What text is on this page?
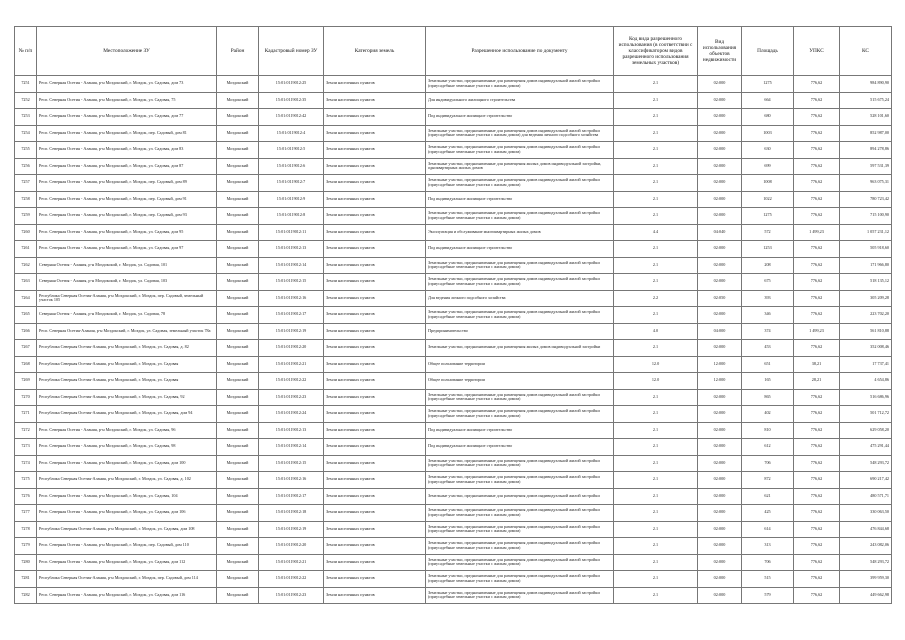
№ п/п	Местоположение ЗУ	Район	Кадастровый номер ЗУ	Категория земель	Разрешенное использование по документу	Код вида разрешенного использования (в соответствии с классификатором видов разрешенного использования земельных участков)	Вид использования объектов недвижимости	Площадь	УПКС	КС
7251	Респ. Северная Осетия - Алания, р-н Моздокский, г. Моздок, ул. Садовая, дом 73	Моздокский	15:01:0119012:25	Земли населенных пунктов	Земельные участки, предназначенные для размещения домов индивидуальной жилой застройки (приусадебные земельные участки с жилым домом)	2.1	02:000	1275	776,62	984 890,90
7252	Респ. Северная Осетия - Алания, р-н Моздокский, г. Моздок, ул. Садовая, 75	Моздокский	15:01:0119012:35	Земли населенных пунктов	Для индивидуального жилищного строительства	2.1	02:000	664	776,62	515 675,24
7253	Респ. Северная Осетия - Алания, р-н Моздокский, г. Моздок, ул. Садовая, дом 77	Моздокский	15:01:0119012:42	Земли населенных пунктов	Под индивидуальное жилищное строительство	2.1	02:000	680	776,62	528 101,60
7254	Респ. Северная Осетия - Алания, р-н Моздокский, г. Моздок, пер. Садовый, дом 81	Моздокский	15:01:0119012:4	Земли населенных пунктов	Земельные участки, предназначенные для размещения домов индивидуальной жилой застройки (приусадебные земельные участки с жилым домом) для ведения личного подсобного хозяйства	2.1	02:000	1003	776,62	852 987,00
7255	Респ. Северная Осетия - Алания, р-н Моздокский, г. Моздок, ул. Садовая, дом 83	Моздокский	15:01:0119012:5	Земли населенных пунктов	Земельные участки, предназначенные для размещения домов индивидуальной жилой застройки (приусадебные земельные участки с жилым домом)	2.1	02:000	630	776,62	894 278,86
7256	Респ. Северная Осетия - Алания, р-н Моздокский, г. Моздок, ул. Садовая, дом 87	Моздокский	15:01:0119012:6	Земли населенных пунктов	Земельные участки, предназначенные для размещения жилых домов индивидуальной застройки, одноквартирных жилых домов	2.1	02:000	699	776,62	597 531,39
7257	Респ. Северная Осетия - Алания, р-н Моздокский, г. Моздок, пер. Садовый, дом 89	Моздокский	15:01:0119012:7	Земли населенных пунктов	Земельные участки, предназначенные для размещения домов индивидуальной жилой застройки (приусадебные земельные участки с жилым домом)	2.1	02:000	1008	776,62	963 075,31
7258	Респ. Северная Осетия - Алания, р-н Моздокский, г. Моздок, пер. Садовый, дом 91	Моздокский	15:01:0119012:9	Земли населенных пунктов	Под индивидуальное жилищное строительство	2.1	02:000	1022	776,62	780 723,42
7259	Респ. Северная Осетия - Алания, р-н Моздокский, г. Моздок, пер. Садовый, дом 93	Моздокский	15:01:0119012:8	Земли населенных пунктов	Земельные участки, предназначенные для размещения домов индивидуальной жилой застройки (приусадебные земельные участки с жилым домом)	2.1	02:000	1275	776,62	715 100,90
7260	Респ. Северная Осетия - Алания, р-н Моздокский, г. Моздок, ул. Садовая, дом 95	Моздокский	15:01:0119012:11	Земли населенных пунктов	Эксплуатация и обслуживание многоквартирных жилых домов	4.4	04:040	572	1 499,23	1 057 231,12
7261	Респ. Северная Осетия - Алания, р-н Моздокский, г. Моздок, ул. Садовая, дом 97	Моздокский	15:01:0119012:13	Земли населенных пунктов	Под индивидуальное жилищное строительство	2.1	02:000	1253	776,62	505 918,60
7262	Северная Осетия - Алания, р-н Моздокский, г. Моздок, ул. Садовая, 101	Моздокский	15:01:0119012:14	Земли населенных пунктов	Земельные участки, предназначенные для размещения домов индивидуальной жилой застройки (приусадебные земельные участки с жилым домом)	2.1	02:000	208	776,62	171 966,80
7263	Северная Осетия - Алания, р-н Моздокский, г. Моздок, ул. Садовая, 103	Моздокский	15:01:0119012:15	Земли населенных пунктов	Земельные участки, предназначенные для размещения домов индивидуальной жилой застройки (приусадебные земельные участки с жилым домом)	2.1	02:000	675	776,62	518 135,12
7264	Республика Северная Осетия-Алания, р-н Моздокский, г. Моздок, пер. Садовый, земельный участок 105	Моздокский	15:01:0119012:16	Земли населенных пунктов	Для ведения личного подсобного хозяйства	2.2	02:050	393	776,62	305 209,28
7265	Северная Осетия - Алания, р-н Моздокский, г. Моздок, ул. Садовая, 78	Моздокский	15:01:0119012:17	Земли населенных пунктов	Земельные участки, предназначенные для размещения домов индивидуальной жилой застройки (приусадебные земельные участки с жилым домом)	2.1	02:000	346	776,62	223 702,20
7266	Респ. Северная Осетия-Алания, р-н Моздокский, г. Моздок, ул. Садовая, земельный участок 78а	Моздокский	15:01:0119012:19	Земли населенных пунктов	Предпринимательство	4.0	04:000	374	1 499,23	561 810,88
7267	Республика Северная Осетия-Алания, р-н Моздокский, г. Моздок, ул. Садовая, д. 82	Моздокский	15:01:0119012:20	Земли населенных пунктов	Земельные участки, предназначенные для размещения жилых домов индивидуальной застройки	2.1	02:000	453	776,62	352 008,46
7268	Республика Северная Осетия-Алания, р-н Моздокский, г. Моздок, ул. Садовая	Моздокский	15:01:0119012:21	Земли населенных пунктов	Общее пользование территории	12.0	12:000	651	38,21	17 737,41
7269	Республика Северная Осетия-Алания, р-н Моздокский, г. Моздок, ул. Садовая	Моздокский	15:01:0119012:22	Земли населенных пунктов	Общее пользование территории	12.0	12:000	165	28,21	4 654,86
7270	Республика Северная Осетия-Алания, р-н Моздокский, г. Моздок, ул. Садовая, 92	Моздокский	15:01:0119012:23	Земли населенных пунктов	Земельные участки, предназначенные для размещения домов индивидуальной жилой застройки (приусадебные земельные участки с жилым домом)	2.1	02:000	865	776,62	516 686,96
7271	Республика Северная Осетия-Алания, р-н Моздокский, г. Моздок, ул. Садовая, дом 94	Моздокский	15:01:0119012:24	Земли населенных пунктов	Земельные участки, предназначенные для размещения домов индивидуальной жилой застройки (приусадебные земельные участки с жилым домом)	2.1	02:000	402	776,62	501 712,72
7272	Респ. Северная Осетия - Алания, р-н Моздокский, г. Моздок, ул. Садовая, 96	Моздокский	15:01:0119012:13	Земли населенных пунктов	Под индивидуальное жилищное строительство	2.1	02:000	810	776,62	629 058,20
7273	Респ. Северная Осетия - Алания, р-н Моздокский, г. Моздок, ул. Садовая, 98	Моздокский	15:01:0119012:14	Земли населенных пунктов	Под индивидуальное жилищное строительство	2.1	02:000	612	776,62	475 291,44
7274	Респ. Северная Осетия - Алания, р-н Моздокский, г. Моздок, ул. Садовая, дом 100	Моздокский	15:01:0119012:15	Земли населенных пунктов	Земельные участки, предназначенные для размещения домов индивидуальной жилой застройки (приусадебные земельные участки с жилым домом)	2.1	02:000	706	776,62	548 293,72
7275	Республика Северная Осетия-Алания, р-н Моздокский, г. Моздок, ул. Садовая, д. 102	Моздокский	15:01:0119012:16	Земли населенных пунктов	Земельные участки, предназначенные для размещения домов индивидуальной жилой застройки (приусадебные земельные участки с жилым домом)	2.1	02:000	872	776,62	690 217,42
7276	Респ. Северная Осетия - Алания, р-н Моздокский, г. Моздок, ул. Садовая, 104	Моздокский	15:01:0119012:17	Земли населенных пунктов	Земельные участки, предназначенные для размещения домов индивидуальной жилой застройки	2.1	02:000	621	776,62	480 571,71
7277	Респ. Северная Осетия - Алания, р-н Моздокский, г. Моздок, ул. Садовая, дом 106	Моздокский	15:01:0119012:18	Земли населенных пунктов	Земельные участки, предназначенные для размещения домов индивидуальной жилой застройки (приусадебные земельные участки с жилым домом)	2.1	02:000	425	776,62	330 063,50
7278	Республика Северная Осетия-Алания, р-н Моздокский, г. Моздок, ул. Садовая, дом 108	Моздокский	15:01:0119012:19	Земли населенных пунктов	Земельные участки, предназначенные для размещения домов индивидуальной жилой застройки (приусадебные земельные участки с жилым домом)	2.1	02:000	614	776,62	476 844,68
7279	Респ. Северная Осетия - Алания, р-н Моздокский, г. Моздок, пер. Садовый, дом 110	Моздокский	15:01:0119012:20	Земли населенных пунктов	Земельные участки, предназначенные для размещения домов индивидуальной жилой застройки (приусадебные земельные участки с жилым домом)	2.1	02:000	313	776,62	243 082,06
7280	Респ. Северная Осетия - Алания, р-н Моздокский, г. Моздок, ул. Садовая, дом 112	Моздокский	15:01:0119012:21	Земли населенных пунктов	Земельные участки, предназначенные для размещения домов индивидуальной жилой застройки (приусадебные земельные участки с жилым домом)	2.1	02:000	706	776,62	548 293,72
7281	Республика Северная Осетия-Алания, р-н Моздокский, г. Моздок, пер. Садовый, дом 114	Моздокский	15:01:0119012:22	Земли населенных пунктов	Земельные участки, предназначенные для размещения домов индивидуальной жилой застройки (приусадебные земельные участки с жилым домом)	2.1	02:000	515	776,62	399 959,30
7282	Респ. Северная Осетия - Алания, р-н Моздокский, г. Моздок, ул. Садовая, дом 116	Моздокский	15:01:0119012:23	Земли населенных пунктов	Земельные участки, предназначенные для размещения домов индивидуальной жилой застройки (приусадебные земельные участки с жилым домом)	2.1	02:000	579	776,62	449 662,98
